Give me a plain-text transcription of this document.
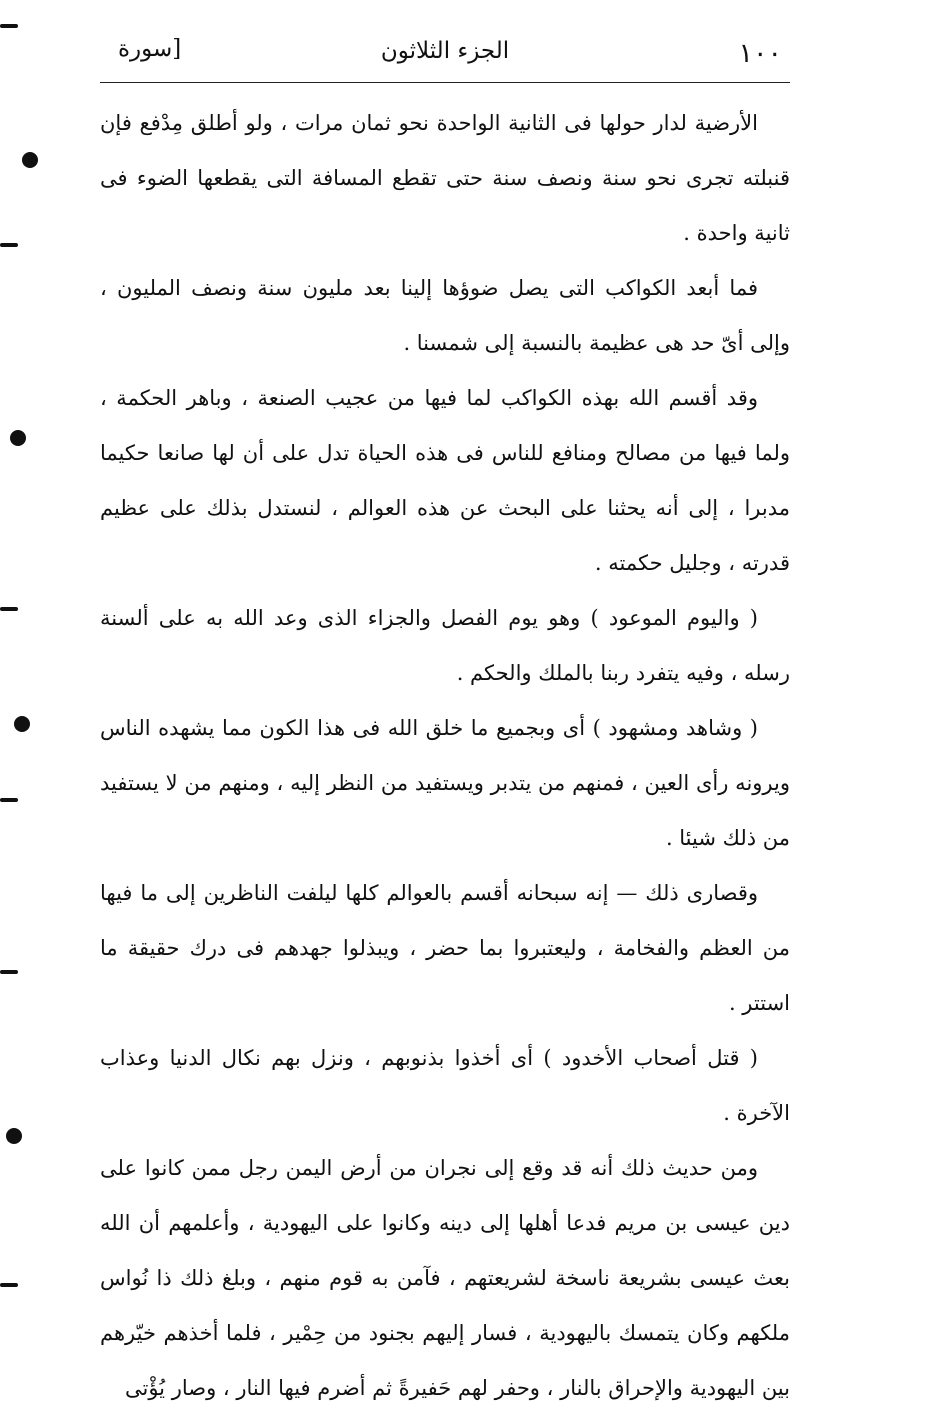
١٠٠
الجزء الثلاثون
[سورة

الأرضية لدار حولها فى الثانية الواحدة نحو ثمان مرات ، ولو أطلق مِدْفع فإن قنبلته تجرى نحو سنة ونصف سنة حتى تقطع المسافة التى يقطعها الضوء فى ثانية واحدة .

فما أبعد الكواكب التى يصل ضوؤها إلينا بعد مليون سنة ونصف المليون ، وإلى أىّ حد هى عظيمة بالنسبة إلى شمسنا .

وقد أقسم الله بهذه الكواكب لما فيها من عجيب الصنعة ، وباهر الحكمة ، ولما فيها من مصالح ومنافع للناس فى هذه الحياة تدل على أن لها صانعا حكيما مدبرا ، إلى أنه يحثنا على البحث عن هذه العوالم ، لنستدل بذلك على عظيم قدرته ، وجليل حكمته .

( واليوم الموعود ) وهو يوم الفصل والجزاء الذى وعد الله به على ألسنة رسله ، وفيه يتفرد ربنا بالملك والحكم .

( وشاهد ومشهود ) أى وبجميع ما خلق الله فى هذا الكون مما يشهده الناس ويرونه رأى العين ، فمنهم من يتدبر ويستفيد من النظر إليه ، ومنهم من لا يستفيد من ذلك شيئا .

وقصارى ذلك — إنه سبحانه أقسم بالعوالم كلها ليلفت الناظرين إلى ما فيها من العظم والفخامة ، وليعتبروا بما حضر ، ويبذلوا جهدهم فى درك حقيقة ما استتر .

( قتل أصحاب الأخدود ) أى أخذوا بذنوبهم ، ونزل بهم نكال الدنيا وعذاب الآخرة .

ومن حديث ذلك أنه قد وقع إلى نجران من أرض اليمن رجل ممن كانوا على دين عيسى بن مريم فدعا أهلها إلى دينه وكانوا على اليهودية ، وأعلمهم أن الله بعث عيسى بشريعة ناسخة لشريعتهم ، فآمن به قوم منهم ، وبلغ ذلك ذا نُواس ملكهم وكان يتمسك باليهودية ، فسار إليهم بجنود من حِمْير ، فلما أخذهم خيّرهم بين اليهودية والإحراق بالنار ، وحفر لهم حَفيرةً ثم أضرم فيها النار ، وصار يُؤْتى
